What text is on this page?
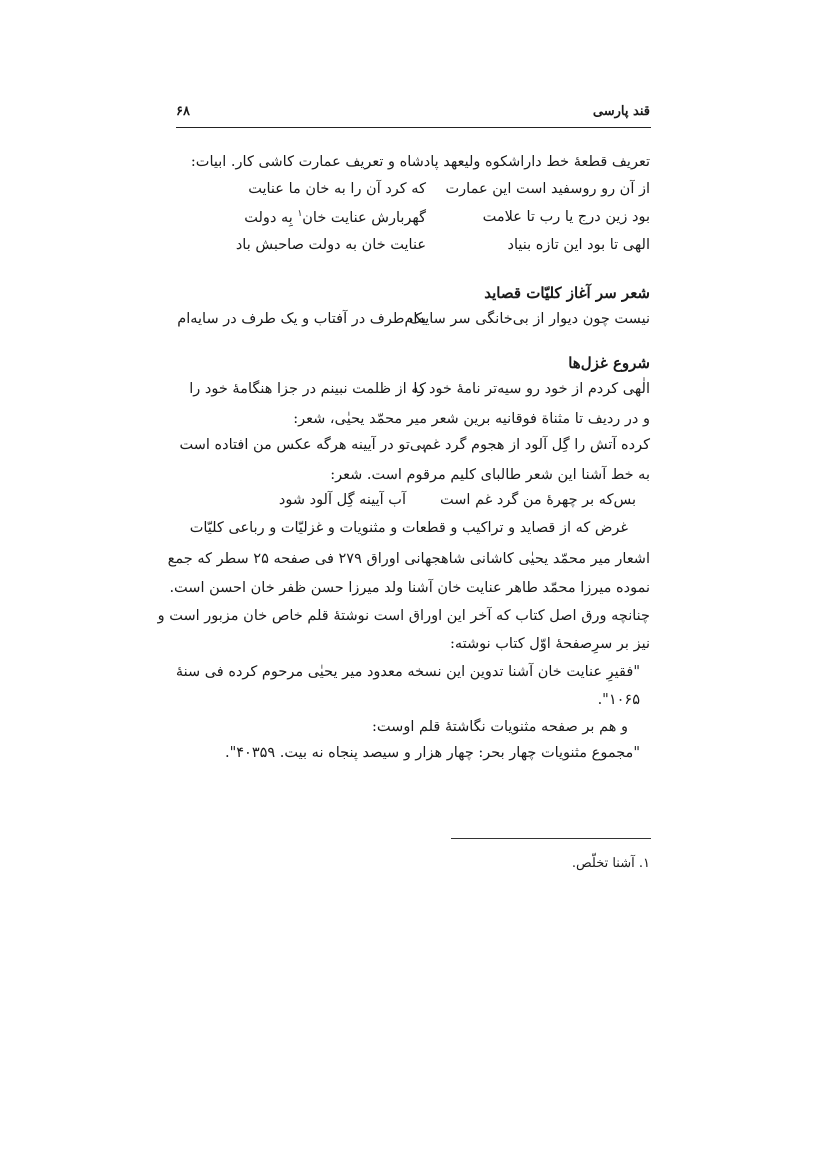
قند پارسی
۶۸
تعریف قطعهٔ خط داراشکوه ولیعهد پادشاه و تعریف عمارت کاشی کار. ابیات:
از آن رو روسفید است این عمارت
که کرد آن را به خان ما عنایت
بود زین درج یا رب تا علامت
گهربارش عنایت خان$^۱$ بِه دولت
الهی تا بود این تازه بنیاد
عنایت خان به دولت صاحبش باد
شعر سر آغاز کلیّات قصاید
نیست چون دیوار از بی‌خانگی سر سایه‌ام
یک طرف در آفتاب و یک طرف در سایه‌ام
شروع غزل‌ها
الٰهی کردم از خود رو سیه‌تر نامهٔ خود را
که از ظلمت نبینم در جزا هنگامهٔ خود را
و در ردیف تا مثناة فوقانیه برین شعر میر محمّد یحیٰی، شعر:
کرده آتش را گِل آلود از هجوم گرد غم
بی‌تو در آیینه هرگه عکس من افتاده است
به خط آشنا این شعر طالبای کلیم مرقوم است. شعر:
بس‌که بر چهرهٔ من گرد غم است
آب آیینه گِل آلود شود
غرض که از قصاید و تراکیب و قطعات و مثنویات و غزلیّات و رباعی کلیّات
اشعار میر محمّد یحیٰی کاشانی شاهجهانی اوراق ۲۷۹ فی صفحه ۲۵ سطر که جمع
نموده میرزا محمّد طاهر عنایت خان آشنا ولد میرزا حسن ظفر خان احسن است.
چنانچه ورق اصل کتاب که آخر این اوراق است نوشتهٔ قلم خاص خان مزبور است و
نیز بر سرِصفحهٔ اوّل کتاب نوشته:
"فقیرِ عنایت خان آشنا تدوین این نسخه معدود میر یحیٰی مرحوم کرده فی سنهٔ
۱۰۶۵".
و هم بر صفحه مثنویات نگاشتهٔ قلم اوست:
"مجموع مثنویات چهار بحر: چهار هزار و سیصد پنجاه نه بیت. ۴۰۳۵۹".
۱. آشنا تخلّص.
